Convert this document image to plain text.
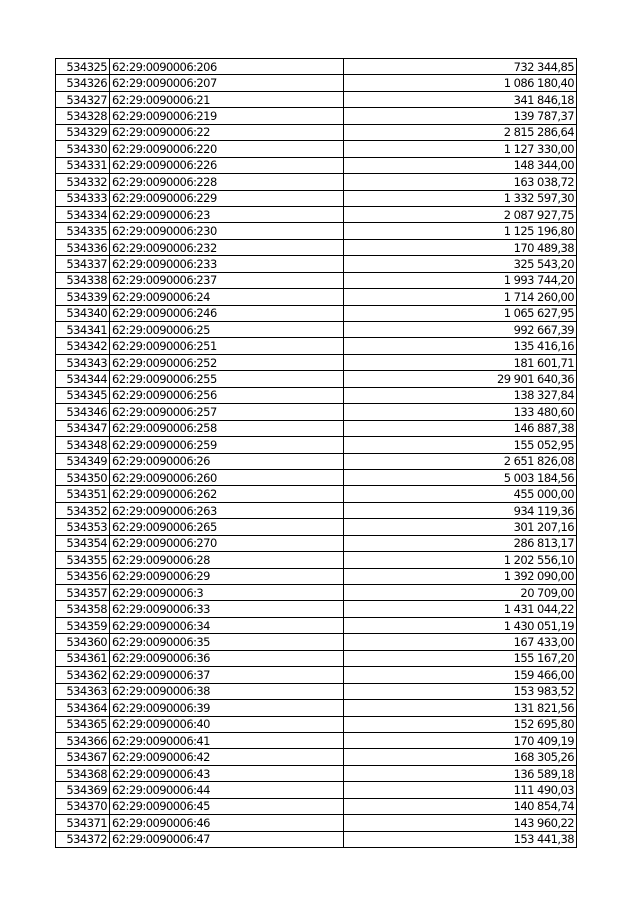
534325	62:29:0090006:206	732 344,85
534326	62:29:0090006:207	1 086 180,40
534327	62:29:0090006:21	341 846,18
534328	62:29:0090006:219	139 787,37
534329	62:29:0090006:22	2 815 286,64
534330	62:29:0090006:220	1 127 330,00
534331	62:29:0090006:226	148 344,00
534332	62:29:0090006:228	163 038,72
534333	62:29:0090006:229	1 332 597,30
534334	62:29:0090006:23	2 087 927,75
534335	62:29:0090006:230	1 125 196,80
534336	62:29:0090006:232	170 489,38
534337	62:29:0090006:233	325 543,20
534338	62:29:0090006:237	1 993 744,20
534339	62:29:0090006:24	1 714 260,00
534340	62:29:0090006:246	1 065 627,95
534341	62:29:0090006:25	992 667,39
534342	62:29:0090006:251	135 416,16
534343	62:29:0090006:252	181 601,71
534344	62:29:0090006:255	29 901 640,36
534345	62:29:0090006:256	138 327,84
534346	62:29:0090006:257	133 480,60
534347	62:29:0090006:258	146 887,38
534348	62:29:0090006:259	155 052,95
534349	62:29:0090006:26	2 651 826,08
534350	62:29:0090006:260	5 003 184,56
534351	62:29:0090006:262	455 000,00
534352	62:29:0090006:263	934 119,36
534353	62:29:0090006:265	301 207,16
534354	62:29:0090006:270	286 813,17
534355	62:29:0090006:28	1 202 556,10
534356	62:29:0090006:29	1 392 090,00
534357	62:29:0090006:3	20 709,00
534358	62:29:0090006:33	1 431 044,22
534359	62:29:0090006:34	1 430 051,19
534360	62:29:0090006:35	167 433,00
534361	62:29:0090006:36	155 167,20
534362	62:29:0090006:37	159 466,00
534363	62:29:0090006:38	153 983,52
534364	62:29:0090006:39	131 821,56
534365	62:29:0090006:40	152 695,80
534366	62:29:0090006:41	170 409,19
534367	62:29:0090006:42	168 305,26
534368	62:29:0090006:43	136 589,18
534369	62:29:0090006:44	111 490,03
534370	62:29:0090006:45	140 854,74
534371	62:29:0090006:46	143 960,22
534372	62:29:0090006:47	153 441,38
